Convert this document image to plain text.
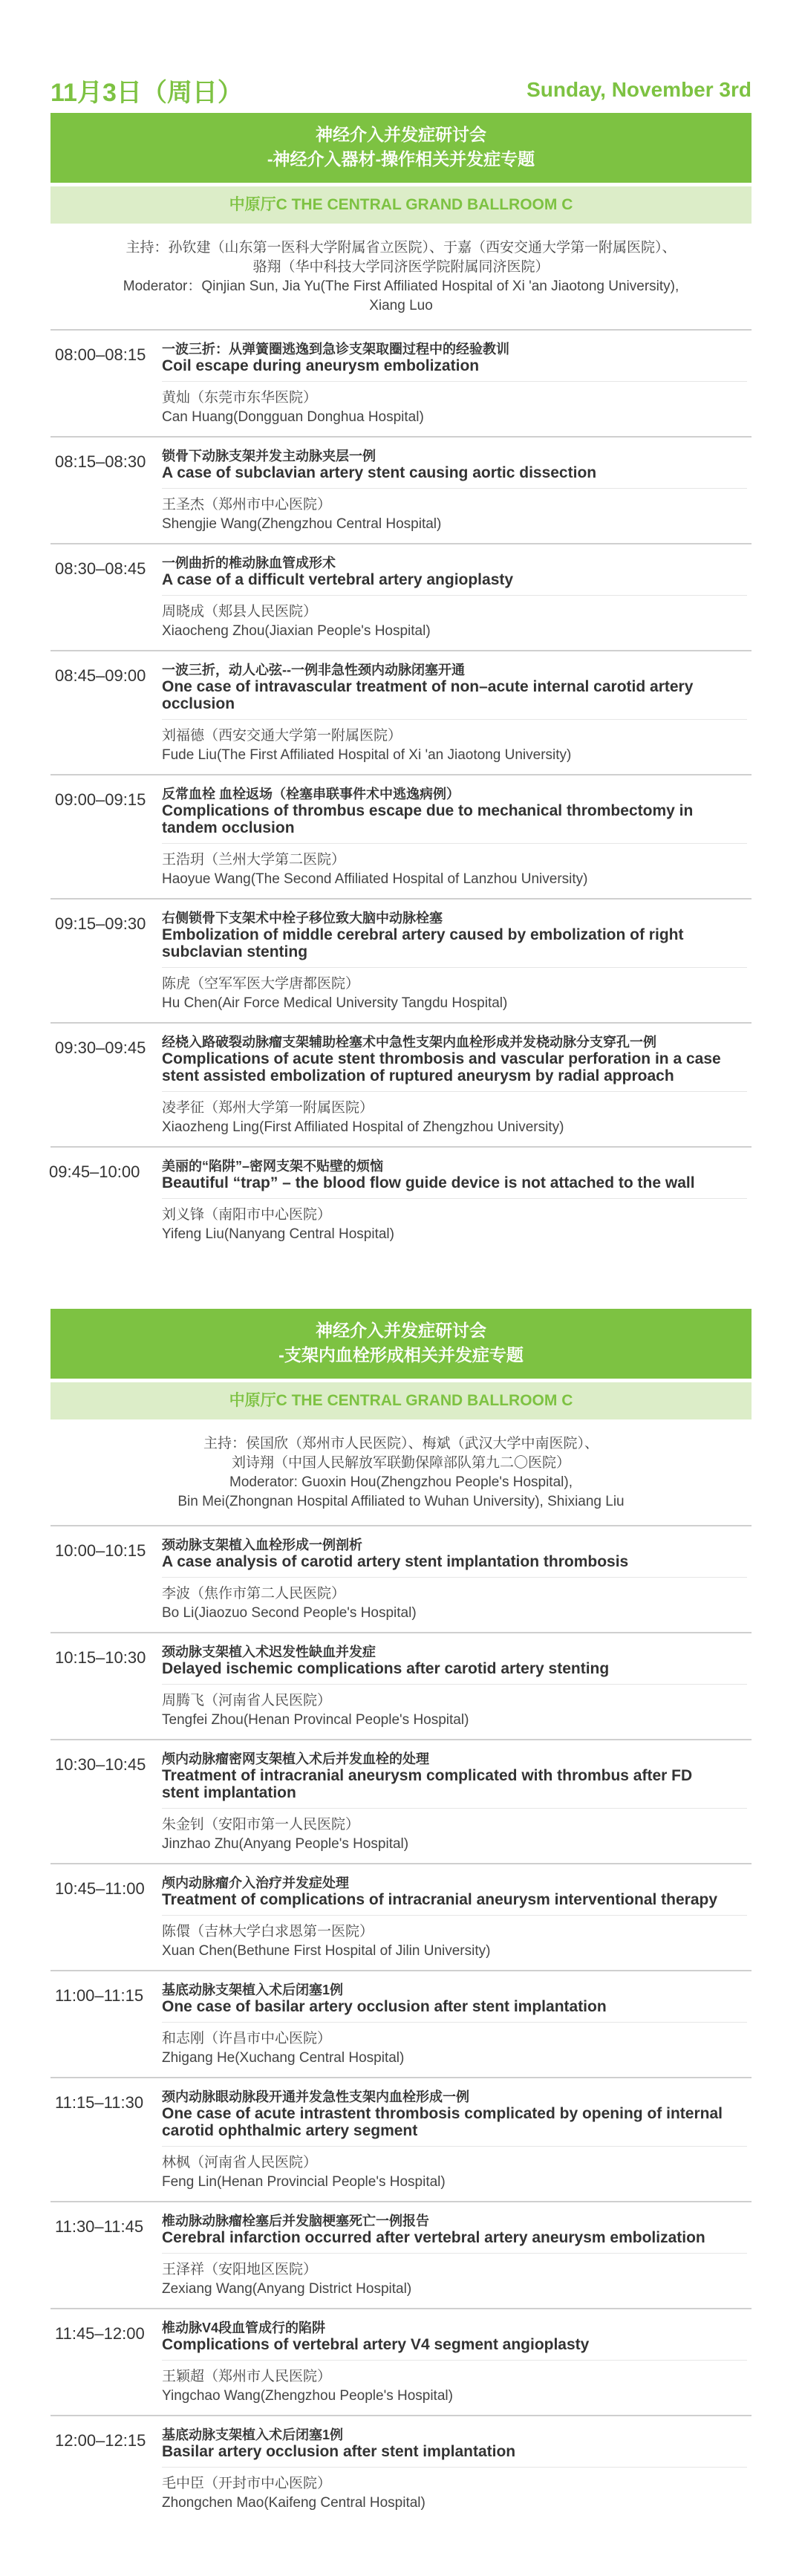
11月3日（周日）	Sunday, November 3rd
神经介入并发症研讨会
-神经介入器材-操作相关并发症专题
中原厅C THE CENTRAL GRAND BALLROOM C
主持：孙钦建（山东第一医科大学附属省立医院）、于嘉（西安交通大学第一附属医院）、
骆翔（华中科技大学同济医学院附属同济医院）
Moderator：Qinjian Sun, Jia Yu(The First Affiliated Hospital of Xi 'an Jiaotong University),
Xiang Luo
08:00–08:15 一波三折：从弹簧圈逃逸到急诊支架取圈过程中的经验教训
Coil escape during aneurysm embolization
黄灿（东莞市东华医院）
Can Huang(Dongguan Donghua Hospital)
08:15–08:30 锁骨下动脉支架并发主动脉夹层一例
A case of subclavian artery stent causing aortic dissection
王圣杰（郑州市中心医院）
Shengjie Wang(Zhengzhou Central Hospital)
08:30–08:45 一例曲折的椎动脉血管成形术
A case of a difficult vertebral artery angioplasty
周晓成（郏县人民医院）
Xiaocheng Zhou(Jiaxian People's Hospital)
08:45–09:00 一波三折，动人心弦--一例非急性颈内动脉闭塞开通
One case of intravascular treatment of non–acute internal carotid artery
occlusion
刘福德（西安交通大学第一附属医院）
Fude Liu(The First Affiliated Hospital of Xi 'an Jiaotong University)
09:00–09:15 反常血栓 血栓返场（栓塞串联事件术中逃逸病例）
Complications of thrombus escape due to mechanical thrombectomy in
tandem occlusion
王浩玥（兰州大学第二医院）
Haoyue Wang(The Second Affiliated Hospital of Lanzhou University)
09:15–09:30 右侧锁骨下支架术中栓子移位致大脑中动脉栓塞
Embolization of middle cerebral artery caused by embolization of right
subclavian stenting
陈虎（空军军医大学唐都医院）
Hu Chen(Air Force Medical University Tangdu Hospital)
09:30–09:45 经桡入路破裂动脉瘤支架辅助栓塞术中急性支架内血栓形成并发桡动脉分支穿孔一例
Complications of acute stent thrombosis and vascular perforation in a case
stent assisted embolization of ruptured aneurysm by radial approach
凌孝征（郑州大学第一附属医院）
Xiaozheng Ling(First Affiliated Hospital of Zhengzhou University)
09:45–10:00 美丽的“陷阱”–密网支架不贴壁的烦恼
Beautiful “trap” – the blood flow guide device is not attached to the wall
刘义锋（南阳市中心医院）
Yifeng Liu(Nanyang Central Hospital)
神经介入并发症研讨会
-支架内血栓形成相关并发症专题
中原厅C THE CENTRAL GRAND BALLROOM C
主持：侯国欣（郑州市人民医院）、梅斌（武汉大学中南医院）、
刘诗翔（中国人民解放军联勤保障部队第九二〇医院）
Moderator: Guoxin Hou(Zhengzhou People's Hospital),
Bin Mei(Zhongnan Hospital Affiliated to Wuhan University), Shixiang Liu
10:00–10:15 颈动脉支架植入血栓形成一例剖析
A case analysis of carotid artery stent implantation thrombosis
李波（焦作市第二人民医院）
Bo Li(Jiaozuo Second People's Hospital)
10:15–10:30 颈动脉支架植入术迟发性缺血并发症
Delayed ischemic complications after carotid artery stenting
周腾飞（河南省人民医院）
Tengfei Zhou(Henan Provincal People's Hospital)
10:30–10:45 颅内动脉瘤密网支架植入术后并发血栓的处理
Treatment of intracranial aneurysm complicated with thrombus after FD
stent implantation
朱金钊（安阳市第一人民医院）
Jinzhao Zhu(Anyang People's Hospital)
10:45–11:00 颅内动脉瘤介入治疗并发症处理
Treatment of complications of intracranial aneurysm interventional therapy
陈儇（吉林大学白求恩第一医院）
Xuan Chen(Bethune First Hospital of Jilin University)
11:00–11:15 基底动脉支架植入术后闭塞1例
One case of basilar artery occlusion after stent implantation
和志刚（许昌市中心医院）
Zhigang He(Xuchang Central Hospital)
11:15–11:30 颈内动脉眼动脉段开通并发急性支架内血栓形成一例
One case of acute intrastent thrombosis complicated by opening of internal
carotid ophthalmic artery segment
林枫（河南省人民医院）
Feng Lin(Henan Provincial People's Hospital)
11:30–11:45 椎动脉动脉瘤栓塞后并发脑梗塞死亡一例报告
Cerebral infarction occurred after vertebral artery aneurysm embolization
王泽祥（安阳地区医院）
Zexiang Wang(Anyang District Hospital)
11:45–12:00 椎动脉V4段血管成行的陷阱
Complications of vertebral artery V4 segment angioplasty
王颖超（郑州市人民医院）
Yingchao Wang(Zhengzhou People's Hospital)
12:00–12:15 基底动脉支架植入术后闭塞1例
Basilar artery occlusion after stent implantation
毛中臣（开封市中心医院）
Zhongchen Mao(Kaifeng Central Hospital)
